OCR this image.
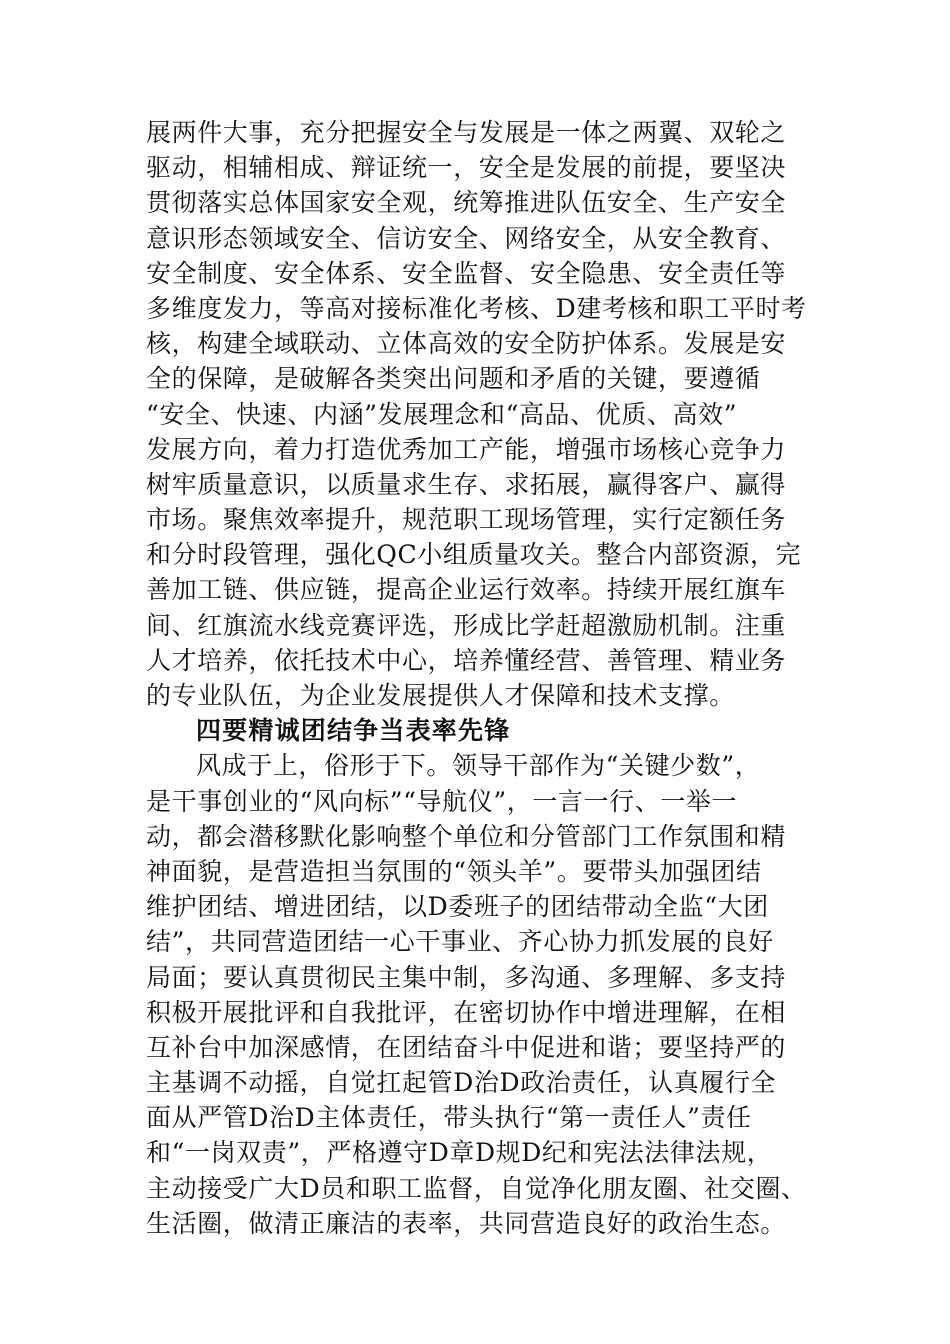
展两件大事，充分把握安全与发展是一体之两翼、双轮之
驱动，相辅相成、辩证统一，安全是发展的前提，要坚决
贯彻落实总体国家安全观，统筹推进队伍安全、生产安全
意识形态领域安全、信访安全、网络安全，从安全教育、
安全制度、安全体系、安全监督、安全隐患、安全责任等
多维度发力，等高对接标准化考核、D建考核和职工平时考
核，构建全域联动、立体高效的安全防护体系。发展是安
全的保障，是破解各类突出问题和矛盾的关键，要遵循
“安全、快速、内涵”发展理念和“高品、优质、高效”
发展方向，着力打造优秀加工产能，增强市场核心竞争力
树牢质量意识，以质量求生存、求拓展，赢得客户、赢得
市场。聚焦效率提升，规范职工现场管理，实行定额任务
和分时段管理，强化QC小组质量攻关。整合内部资源，完
善加工链、供应链，提高企业运行效率。持续开展红旗车
间、红旗流水线竞赛评选，形成比学赶超激励机制。注重
人才培养，依托技术中心，培养懂经营、善管理、精业务
的专业队伍，为企业发展提供人才保障和技术支撑。
四要精诚团结争当表率先锋
风成于上，俗形于下。领导干部作为“关键少数”，
是干事创业的“风向标”“导航仪”，一言一行、一举一
动，都会潜移默化影响整个单位和分管部门工作氛围和精
神面貌，是营造担当氛围的“领头羊”。要带头加强团结
维护团结、增进团结，以D委班子的团结带动全监“大团
结”，共同营造团结一心干事业、齐心协力抓发展的良好
局面；要认真贯彻民主集中制，多沟通、多理解、多支持
积极开展批评和自我批评，在密切协作中增进理解，在相
互补台中加深感情，在团结奋斗中促进和谐；要坚持严的
主基调不动摇，自觉扛起管D治D政治责任，认真履行全
面从严管D治D主体责任，带头执行“第一责任人”责任
和“一岗双责”，严格遵守D章D规D纪和宪法法律法规，
主动接受广大D员和职工监督，自觉净化朋友圈、社交圈、
生活圈，做清正廉洁的表率，共同营造良好的政治生态。
